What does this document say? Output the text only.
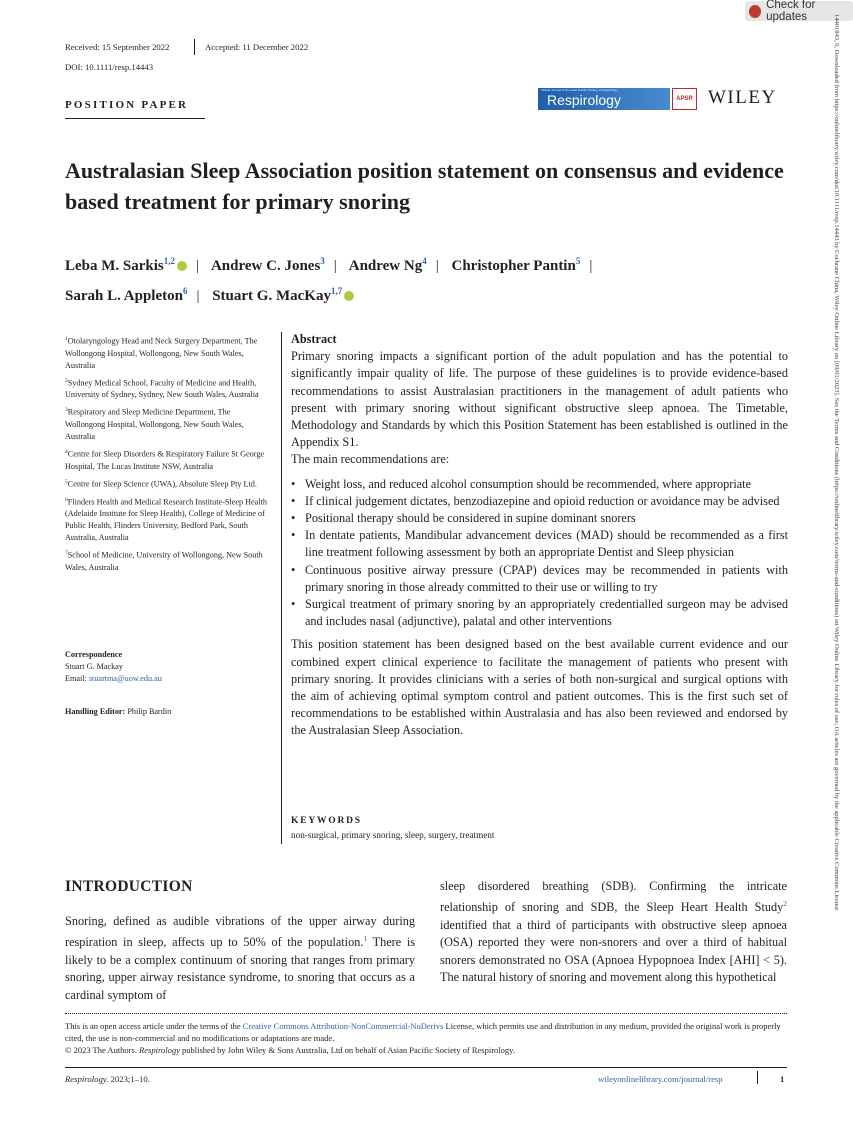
Check for updates	14401843, 0, Downloaded from https://onlinelibrary.wiley.com/doi/10.1111/resp.14443 by Cochrane China, Wiley Online Library on [09/01/2023]. See the Terms and Conditions (https://onlinelibrary.wiley.com/terms-and-conditions) on Wiley Online Library for rules of use; OA articles are governed by the applicable Creative Commons License
Received: 15 September 2022	Accepted: 11 December 2022
DOI: 10.1111/resp.14443
POSITION PAPER
Official Journal of the Asian Pacific Society of Respirology
Respirology	APSR WILEY
Australasian Sleep Association position statement on consensus and evidence based treatment for primary snoring
Leba M. Sarkis$^{1,2}$ | Andrew C. Jones$^3$ | Andrew Ng$^4$ | Christopher Pantin$^5$ |
Sarah L. Appleton$^6$ | Stuart G. MacKay$^{1,7}$

$^1$Otolaryngology Head and Neck Surgery Department, The Wollongong Hospital, Wollongong, New South Wales, Australia

$^2$Sydney Medical School, Faculty of Medicine and Health, University of Sydney, Sydney, New South Wales, Australia

$^3$Respiratory and Sleep Medicine Department, The Wollongong Hospital, Wollongong, New South Wales, Australia

$^4$Centre for Sleep Disorders & Respiratory Failure St George Hospital, The Lucas Institute NSW, Australia

$^5$Centre for Sleep Science (UWA), Absolute Sleep Pty Ltd.

$^6$Flinders Health and Medical Research Institute-Sleep Health (Adelaide Institute for Sleep Health), College of Medicine of Public Health, Flinders University, Bedford Park, South Australia, Australia

$^7$School of Medicine, University of Wollongong, New South Wales, Australia

Correspondence
Stuart G. Mackay
Email: stuartma@uow.edu.au
Handling Editor: Philip Bardin

Abstract

Primary snoring impacts a significant portion of the adult population and has the potential to significantly impair quality of life. The purpose of these guidelines is to provide evidence-based recommendations to assist Australasian practitioners in the management of adult patients who present with primary snoring without significant obstructive sleep apnoea. The Timetable, Methodology and Standards by which this Position Statement has been established is outlined in the Appendix S1.

The main recommendations are:

• Weight loss, and reduced alcohol consumption should be recommended, where appropriate
• If clinical judgement dictates, benzodiazepine and opioid reduction or avoidance may be advised
• Positional therapy should be considered in supine dominant snorers
• In dentate patients, Mandibular advancement devices (MAD) should be recommended as a first line treatment following assessment by both an appropriate Dentist and Sleep physician
• Continuous positive airway pressure (CPAP) devices may be recommended in patients with primary snoring in those already committed to their use or willing to try
• Surgical treatment of primary snoring by an appropriately credentialled surgeon may be advised and includes nasal (adjunctive), palatal and other interventions

This position statement has been designed based on the best available current evidence and our combined expert clinical experience to facilitate the management of patients who present with primary snoring. It provides clinicians with a series of both non-surgical and surgical options with the aim of achieving optimal symptom control and patient outcomes. This is the first such set of recommendations to be established within Australasia and has also been reviewed and endorsed by the Australasian Sleep Association.

KEYWORDS
non-surgical, primary snoring, sleep, surgery, treatment
INTRODUCTION
Snoring, defined as audible vibrations of the upper airway during respiration in sleep, affects up to 50% of the population.$^1$ There is likely to be a complex continuum of snoring that ranges from primary snoring, upper airway resistance syndrome, to snoring that occurs as a cardinal symptom of
sleep disordered breathing (SDB). Confirming the intricate relationship of snoring and SDB, the Sleep Heart Health Study$^2$ identified that a third of participants with obstructive sleep apnoea (OSA) reported they were non-snorers and over a third of habitual snorers demonstrated no OSA (Apnoea Hypopnoea Index [AHI] < 5). The natural history of snoring and movement along this hypothetical
This is an open access article under the terms of the Creative Commons Attribution-NonCommercial-NoDerivs License, which permits use and distribution in any medium, provided the original work is properly cited, the use is non-commercial and no modifications or adaptations are made.
© 2023 The Authors. Respirology published by John Wiley & Sons Australia, Ltd on behalf of Asian Pacific Society of Respirology.
Respirology. 2023;1–10.	wileyonlinelibrary.com/journal/resp	1
